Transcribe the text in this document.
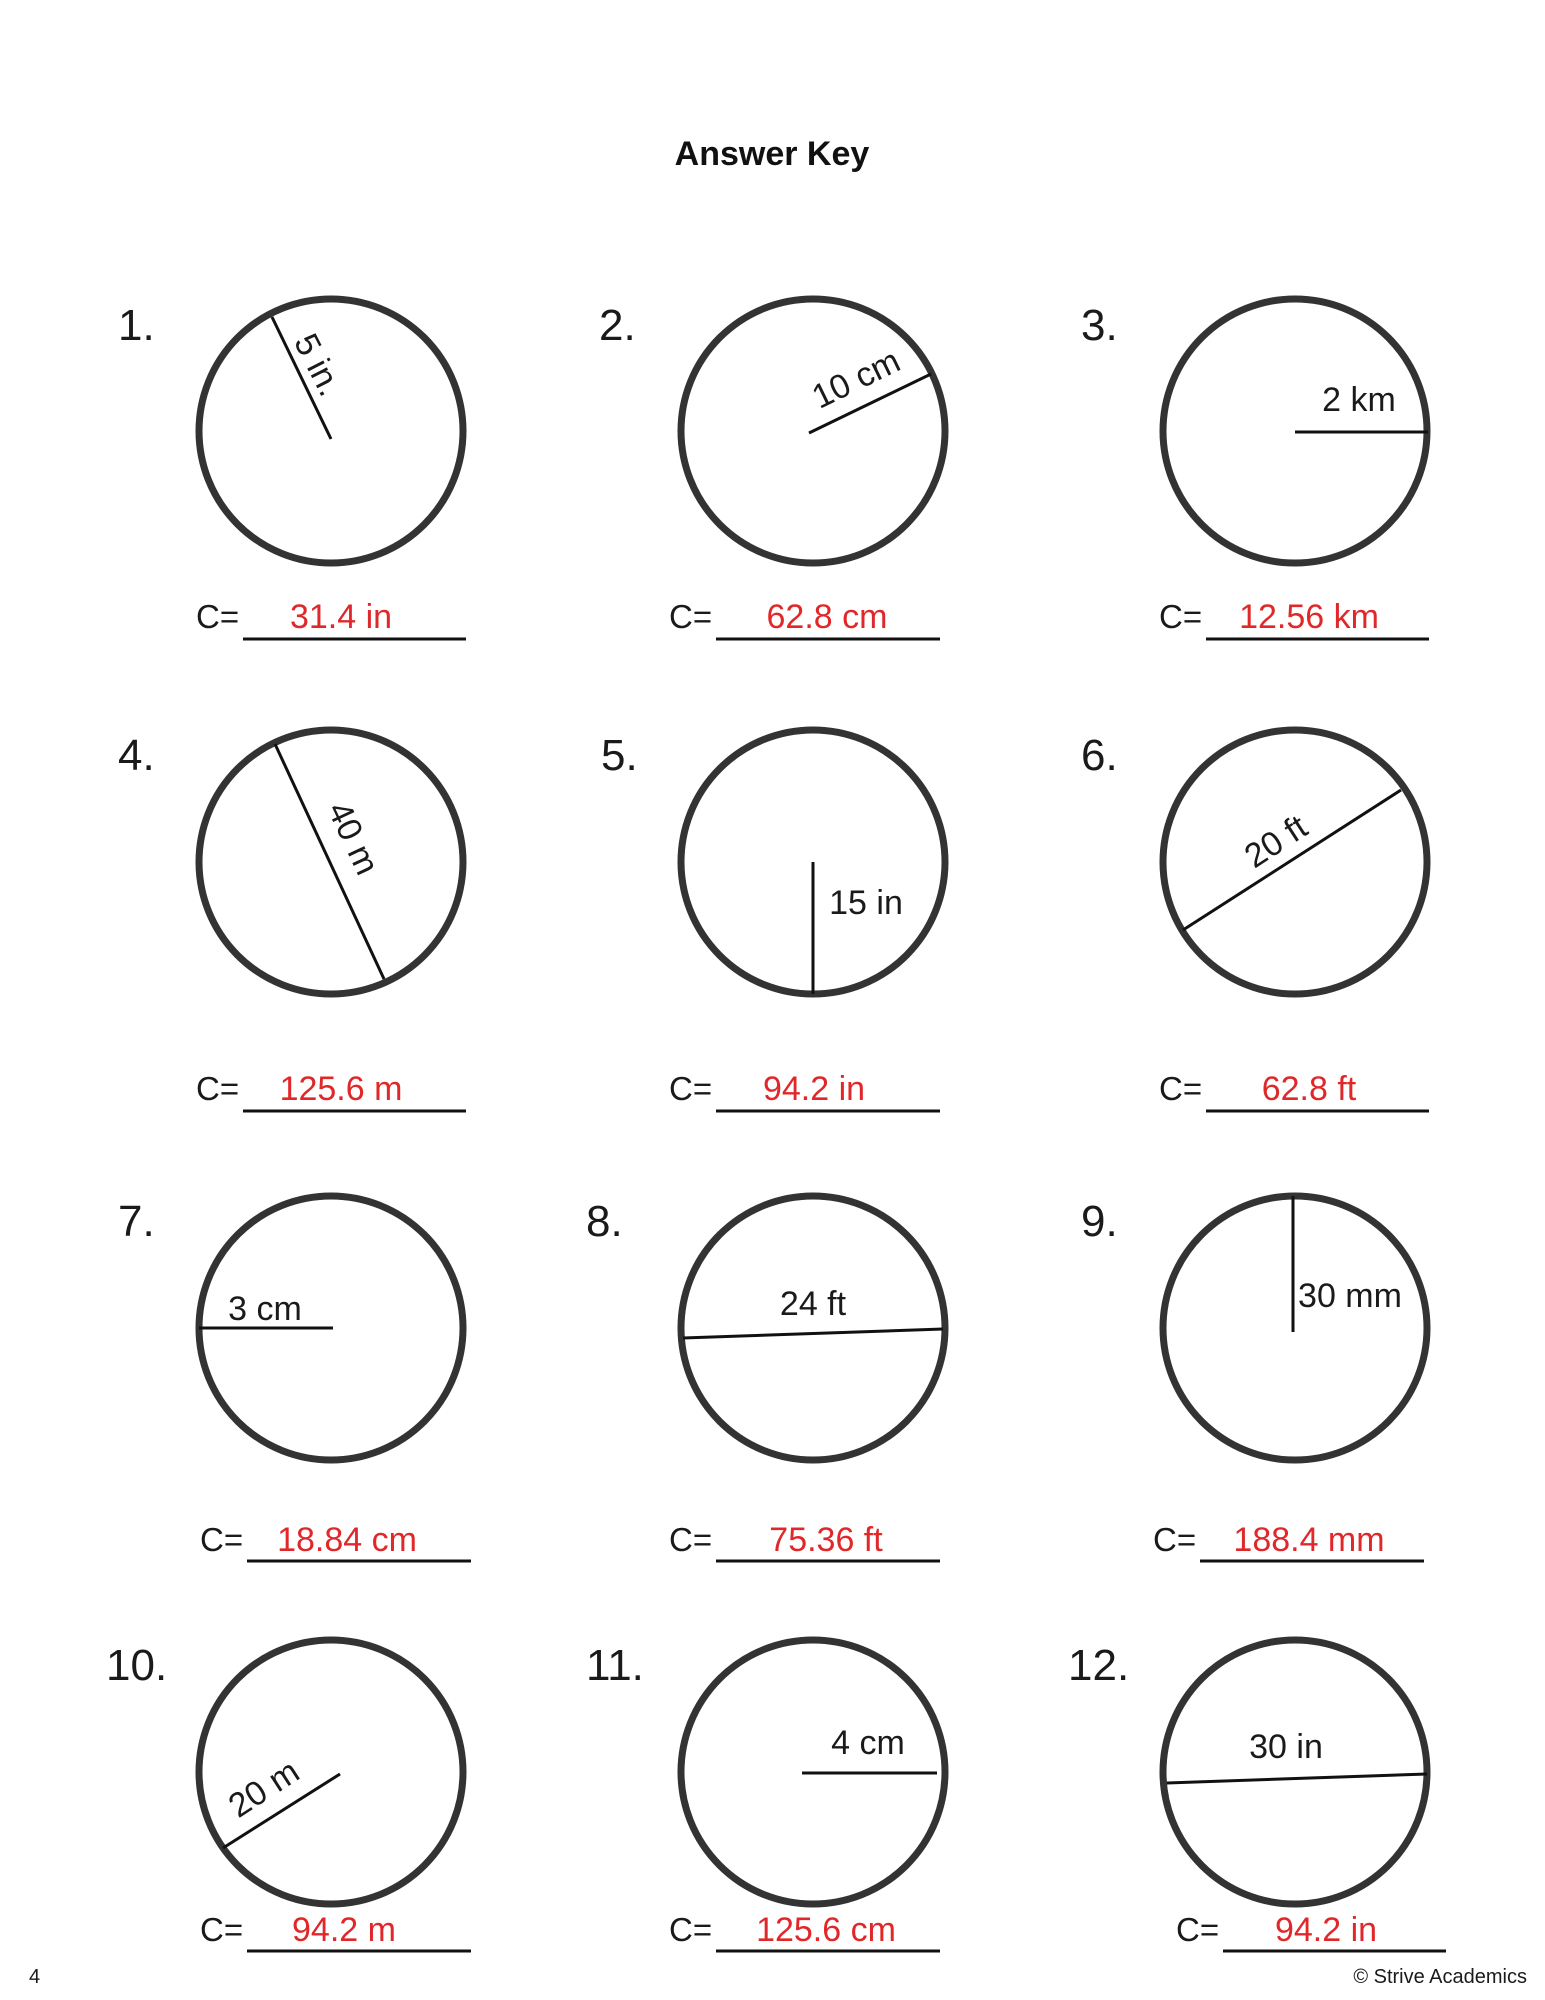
Answer Key
1.
5 in.
C= 31.4 in
2.
10 cm
C= 62.8 cm
3.
2 km
C= 12.56 km
4.
40 m
C= 125.6 m
5.
15 in
C= 94.2 in
6.
20 ft
C= 62.8 ft
7.
3 cm
C= 18.84 cm
8.
24 ft
C= 75.36 ft
9.
30 mm
C= 188.4 mm
10.
20 m
C= 94.2 m
11.
4 cm
C= 125.6 cm
12.
30 in
C= 94.2 in
4	© Strive Academics
